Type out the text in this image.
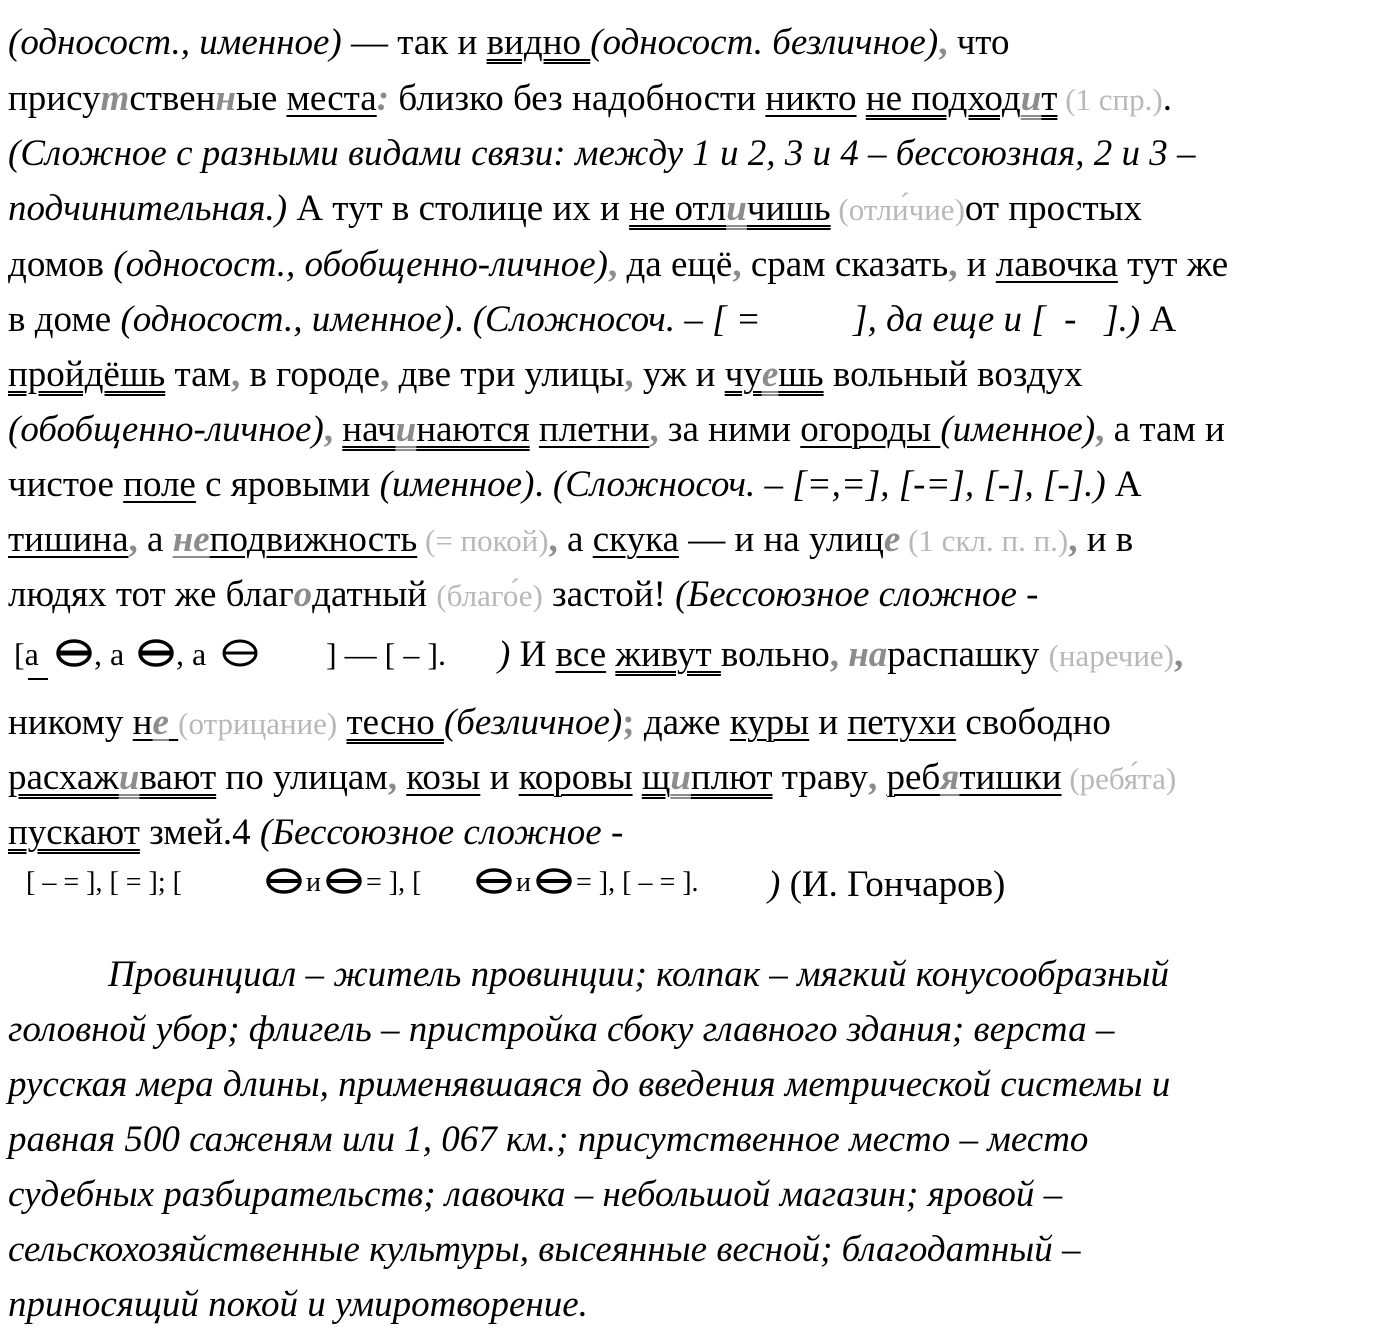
(односост., именное) — так и видно (односост. безличное), что
присутственные места: близко без надобности никто не подходит (1 спр.).
(Сложное с разными видами связи: между 1 и 2, 3 и 4 – бессоюзная, 2 и 3 –
подчинительная.) А тут в столице их и не отличишь (отли́чие)от простых
домов (односост., обобщенно-личное), да ещё, срам сказать, и лавочка тут же
в доме (односост., именное). (Сложносоч. – [ =          ], да еще и [  -   ].) А
пройдёшь там, в городе, две три улицы, уж и чуешь вольный воздух
(обобщенно-личное), начинаются плетни, за ними огороды (именное), а там и
чистое поле с яровыми (именное). (Сложносоч. – [=,=], [-=], [-], [-].) А
тишина, а неподвижность (= покой), а скука — и на улице (1 скл. п. п.), и в
людях тот же благодатный (благо́е) застой! (Бессоюзное сложное -
[а , а , а	] — [ – ]. ) И все живут вольно, нараспашку (наречие),
никому не (отрицание) тесно (безличное); даже куры и петухи свободно
расхаживают по улицам, козы и коровы щиплют траву, ребятишки (ребя́та)
пускают змей.4 (Бессоюзное сложное -
[ – = ], [ = ]; [	и = ], [	и = ], [ – = ]. ) (И. Гончаров)
Провинциал – житель провинции; колпак – мягкий конусообразный
головной убор; флигель – пристройка сбоку главного здания; верста –
русская мера длины, применявшаяся до введения метрической системы и
равная 500 саженям или 1, 067 км.; присутственное место – место
судебных разбирательств; лавочка – небольшой магазин; яровой –
сельскохозяйственные культуры, высеянные весной; благодатный –
приносящий покой и умиротворение.
